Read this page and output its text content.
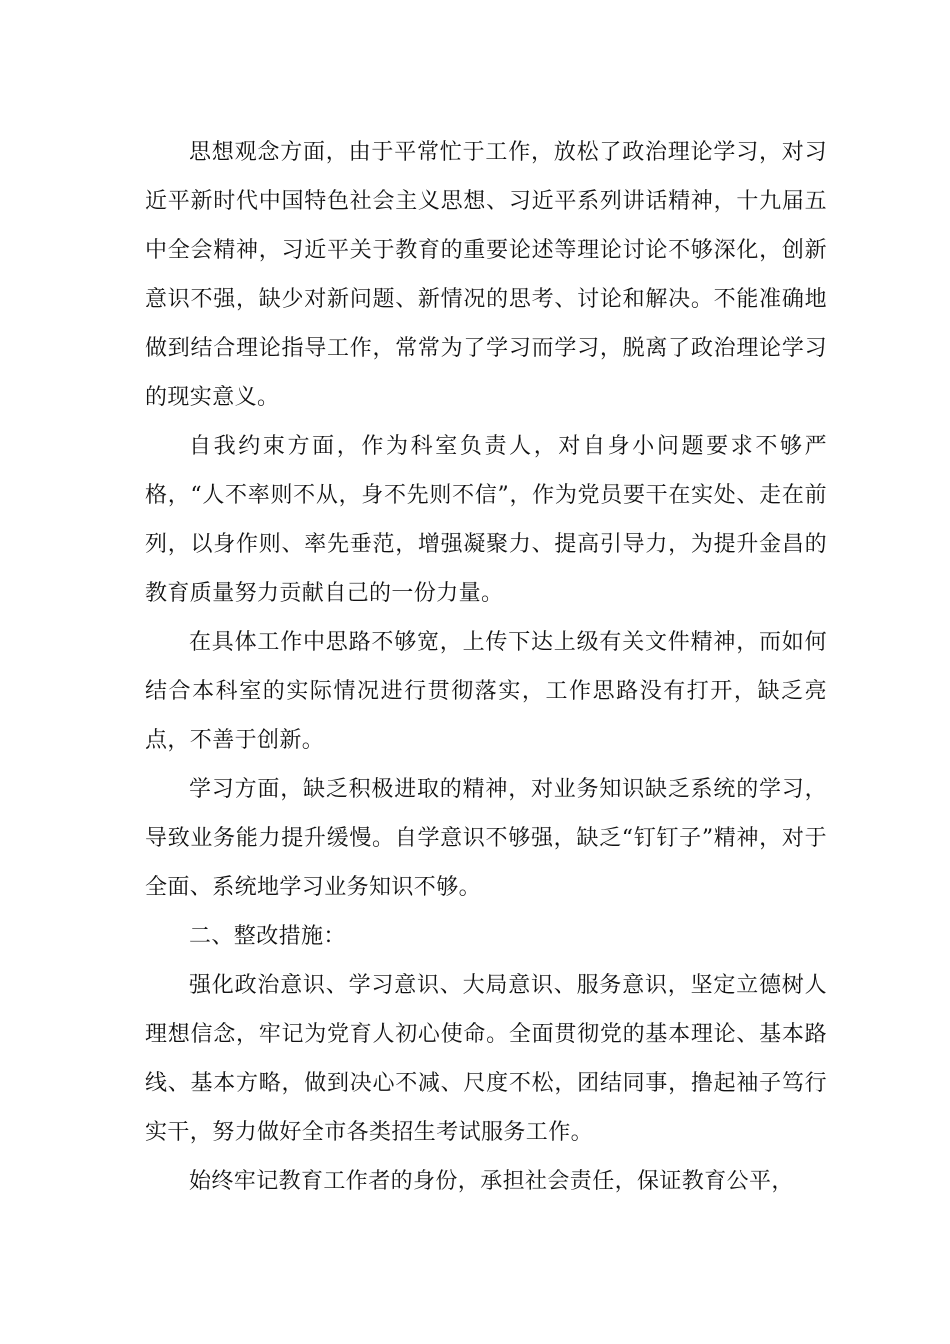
思想观念方面，由于平常忙于工作，放松了政治理论学习，对习近平新时代中国特色社会主义思想、习近平系列讲话精神，十九届五中全会精神，习近平关于教育的重要论述等理论讨论不够深化，创新意识不强，缺少对新问题、新情况的思考、讨论和解决。不能准确地做到结合理论指导工作，常常为了学习而学习，脱离了政治理论学习的现实意义。

自我约束方面，作为科室负责人，对自身小问题要求不够严格，“人不率则不从，身不先则不信”，作为党员要干在实处、走在前列，以身作则、率先垂范，增强凝聚力、提高引导力，为提升金昌的教育质量努力贡献自己的一份力量。

在具体工作中思路不够宽，上传下达上级有关文件精神，而如何结合本科室的实际情况进行贯彻落实，工作思路没有打开，缺乏亮点，不善于创新。

学习方面，缺乏积极进取的精神，对业务知识缺乏系统的学习，导致业务能力提升缓慢。自学意识不够强，缺乏“钉钉子”精神，对于全面、系统地学习业务知识不够。

二、整改措施：

强化政治意识、学习意识、大局意识、服务意识，坚定立德树人理想信念，牢记为党育人初心使命。全面贯彻党的基本理论、基本路线、基本方略，做到决心不减、尺度不松，团结同事，撸起袖子笃行实干，努力做好全市各类招生考试服务工作。

始终牢记教育工作者的身份，承担社会责任，保证教育公平，
